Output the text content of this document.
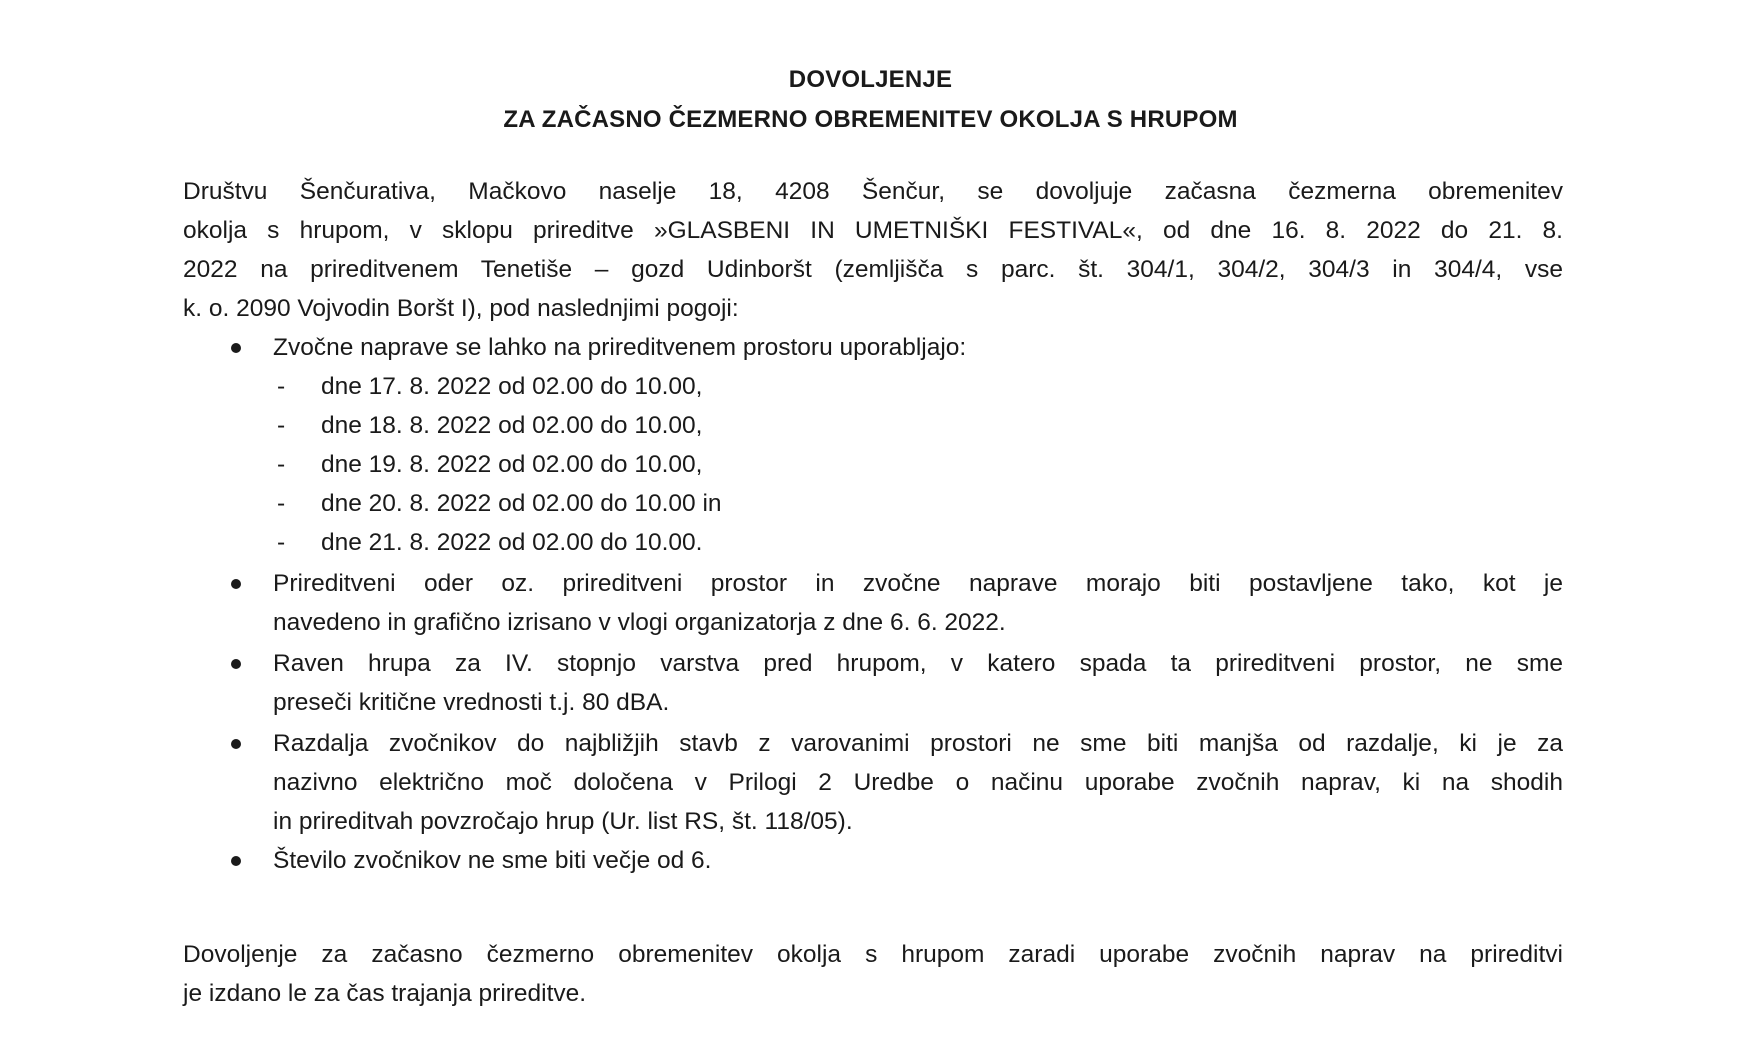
DOVOLJENJE
ZA ZAČASNO ČEZMERNO OBREMENITEV OKOLJA S HRUPOM

Društvu Šenčurativa, Mačkovo naselje 18, 4208 Šenčur, se dovoljuje začasna čezmerna obremenitev
okolja s hrupom, v sklopu prireditve »GLASBENI IN UMETNIŠKI FESTIVAL«, od dne 16. 8. 2022 do 21. 8.
2022 na prireditvenem Tenetiše – gozd Udinboršt (zemljišča s parc. št. 304/1, 304/2, 304/3 in 304/4, vse
k. o. 2090 Vojvodin Boršt I), pod naslednjimi pogoji:

Zvočne naprave se lahko na prireditvenem prostoru uporabljajo:
- dne 17. 8. 2022 od 02.00 do 10.00,
- dne 18. 8. 2022 od 02.00 do 10.00,
- dne 19. 8. 2022 od 02.00 do 10.00,
- dne 20. 8. 2022 od 02.00 do 10.00 in
- dne 21. 8. 2022 od 02.00 do 10.00.
Prireditveni oder oz. prireditveni prostor in zvočne naprave morajo biti postavljene tako, kot je
navedeno in grafično izrisano v vlogi organizatorja z dne 6. 6. 2022.
Raven hrupa za IV. stopnjo varstva pred hrupom, v katero spada ta prireditveni prostor, ne sme
preseči kritične vrednosti t.j. 80 dBA.
Razdalja zvočnikov do najbližjih stavb z varovanimi prostori ne sme biti manjša od razdalje, ki je za
nazivno električno moč določena v Prilogi 2 Uredbe o načinu uporabe zvočnih naprav, ki na shodih
in prireditvah povzročajo hrup (Ur. list RS, št. 118/05).
Število zvočnikov ne sme biti večje od 6.
Dovoljenje za začasno čezmerno obremenitev okolja s hrupom zaradi uporabe zvočnih naprav na prireditvi
je izdano le za čas trajanja prireditve.
